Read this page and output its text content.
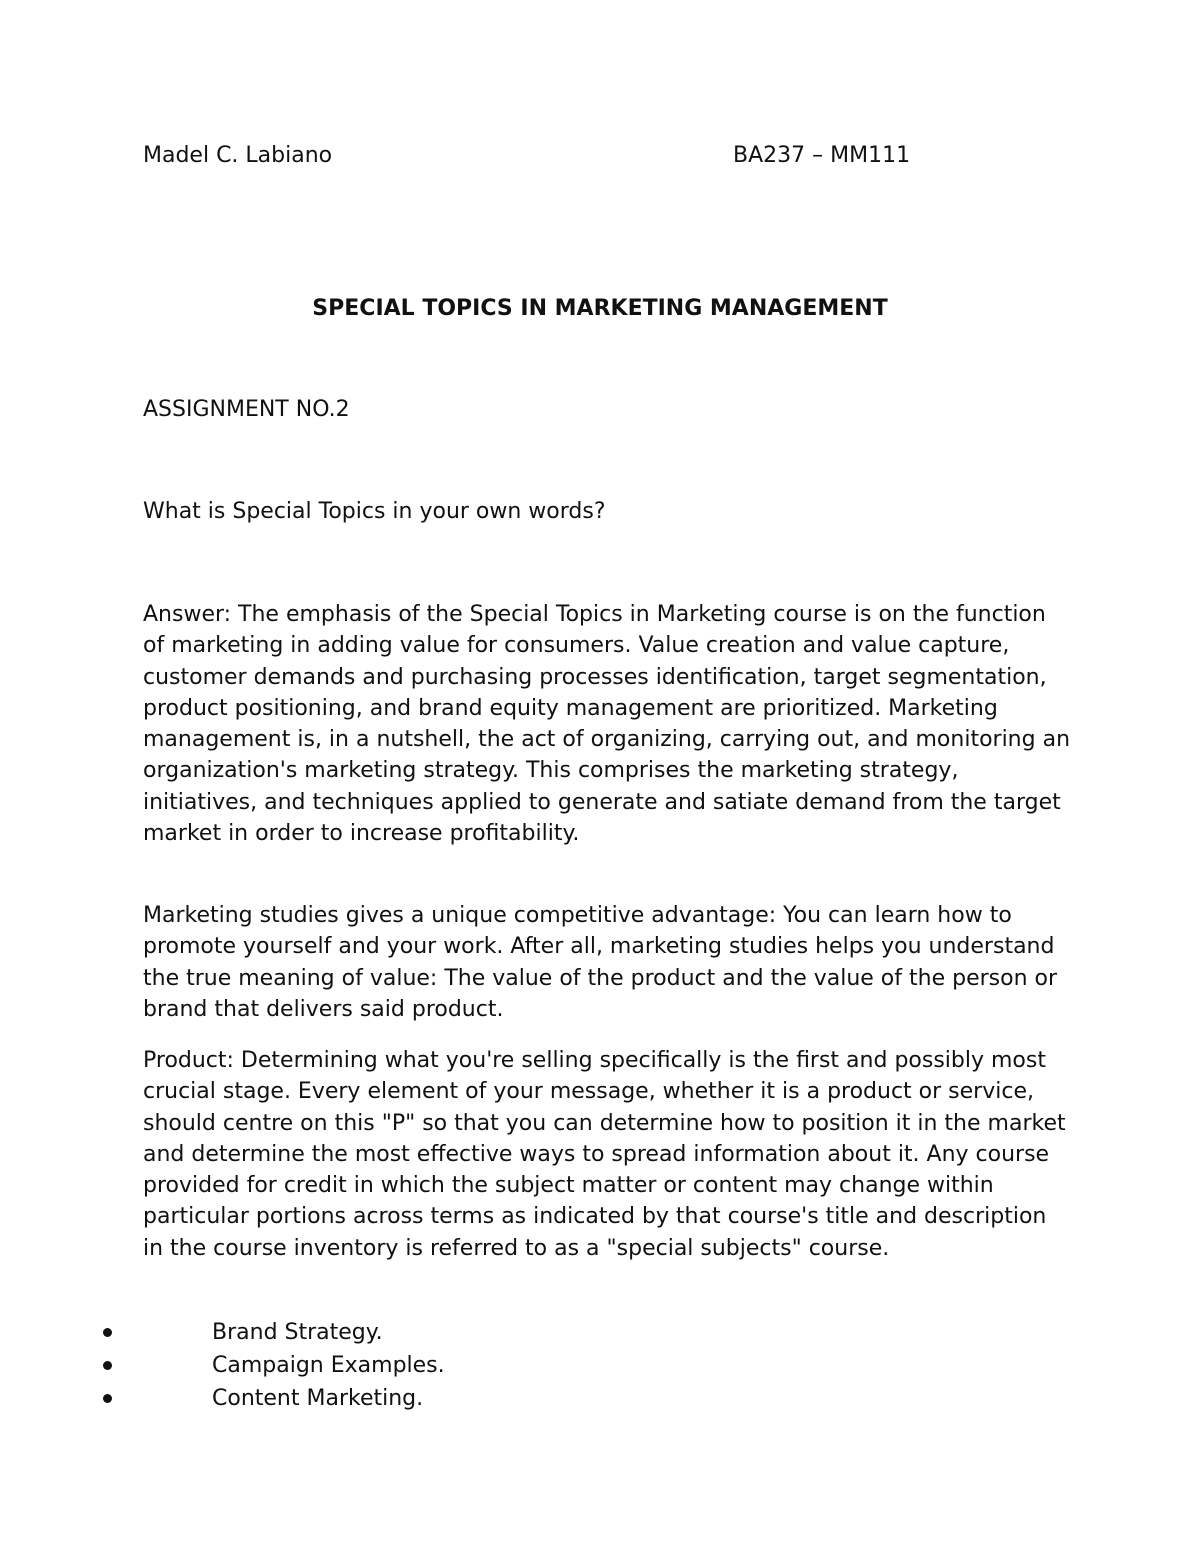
Madel C. Labiano	BA237 – MM111
SPECIAL TOPICS IN MARKETING MANAGEMENT
ASSIGNMENT NO.2
What is Special Topics in your own words?

Answer: The emphasis of the Special Topics in Marketing course is on the function of marketing in adding value for consumers. Value creation and value capture, customer demands and purchasing processes identification, target segmentation, product positioning, and brand equity management are prioritized. Marketing management is, in a nutshell, the act of organizing, carrying out, and monitoring an organization's marketing strategy. This comprises the marketing strategy, initiatives, and techniques applied to generate and satiate demand from the target market in order to increase profitability.

Marketing studies gives a unique competitive advantage: You can learn how to promote yourself and your work. After all, marketing studies helps you understand the true meaning of value: The value of the product and the value of the person or brand that delivers said product.

Product: Determining what you're selling specifically is the first and possibly most crucial stage. Every element of your message, whether it is a product or service, should centre on this "P" so that you can determine how to position it in the market and determine the most effective ways to spread information about it. Any course provided for credit in which the subject matter or content may change within particular portions across terms as indicated by that course's title and description in the course inventory is referred to as a "special subjects" course.

Brand Strategy.
Campaign Examples.
Content Marketing.
